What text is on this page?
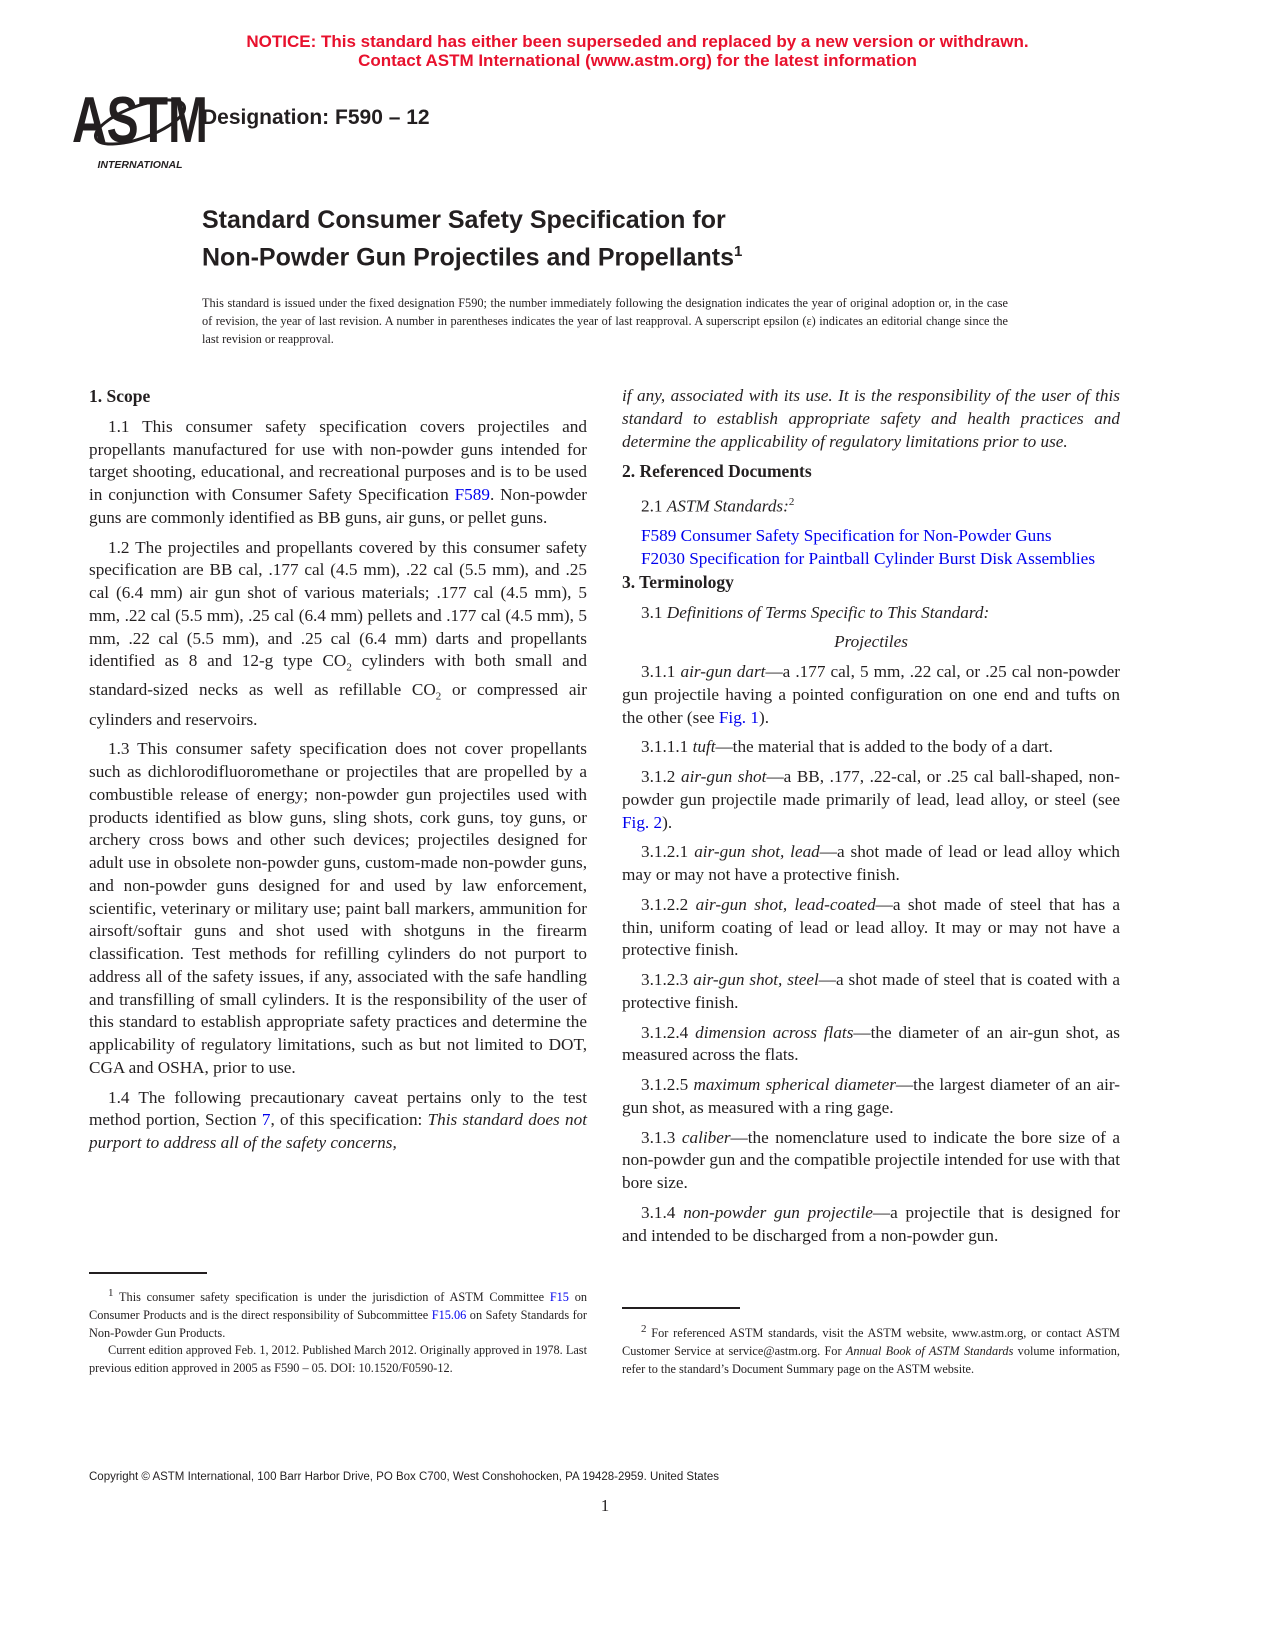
NOTICE: This standard has either been superseded and replaced by a new version or withdrawn.
Contact ASTM International (www.astm.org) for the latest information
ASTM
INTERNATIONAL
Designation: F590 – 12
Standard Consumer Safety Specification for
Non-Powder Gun Projectiles and Propellants$^1$
This standard is issued under the fixed designation F590; the number immediately following the designation indicates the year of original adoption or, in the case of revision, the year of last revision. A number in parentheses indicates the year of last reapproval. A superscript epsilon (ε) indicates an editorial change since the last revision or reapproval.
1. Scope

1.1 This consumer safety specification covers projectiles and propellants manufactured for use with non-powder guns intended for target shooting, educational, and recreational purposes and is to be used in conjunction with Consumer Safety Specification F589. Non-powder guns are commonly identified as BB guns, air guns, or pellet guns.

1.2 The projectiles and propellants covered by this consumer safety specification are BB cal, .177 cal (4.5 mm), .22 cal (5.5 mm), and .25 cal (6.4 mm) air gun shot of various materials; .177 cal (4.5 mm), 5 mm, .22 cal (5.5 mm), .25 cal (6.4 mm) pellets and .177 cal (4.5 mm), 5 mm, .22 cal (5.5 mm), and .25 cal (6.4 mm) darts and propellants identified as 8 and 12-g type $CO_2$ cylinders with both small and standard-sized necks as well as refillable $CO_2$ or compressed air cylinders and reservoirs.

1.3 This consumer safety specification does not cover propellants such as dichlorodifluoromethane or projectiles that are propelled by a combustible release of energy; non-powder gun projectiles used with products identified as blow guns, sling shots, cork guns, toy guns, or archery cross bows and other such devices; projectiles designed for adult use in obsolete non-powder guns, custom-made non-powder guns, and non-powder guns designed for and used by law enforcement, scientific, veterinary or military use; paint ball markers, ammunition for airsoft/softair guns and shot used with shotguns in the firearm classification. Test methods for refilling cylinders do not purport to address all of the safety issues, if any, associated with the safe handling and transfilling of small cylinders. It is the responsibility of the user of this standard to establish appropriate safety practices and determine the applicability of regulatory limitations, such as but not limited to DOT, CGA and OSHA, prior to use.

1.4 The following precautionary caveat pertains only to the test method portion, Section 7, of this specification: This standard does not purport to address all of the safety concerns,

if any, associated with its use. It is the responsibility of the user of this standard to establish appropriate safety and health practices and determine the applicability of regulatory limitations prior to use.

2. Referenced Documents

2.1 ASTM Standards:$^2$

F589 Consumer Safety Specification for Non-Powder Guns

F2030 Specification for Paintball Cylinder Burst Disk Assemblies

3. Terminology

3.1 Definitions of Terms Specific to This Standard:

Projectiles

3.1.1 air-gun dart—a .177 cal, 5 mm, .22 cal, or .25 cal non-powder gun projectile having a pointed configuration on one end and tufts on the other (see Fig. 1).

3.1.1.1 tuft—the material that is added to the body of a dart.

3.1.2 air-gun shot—a BB, .177, .22-cal, or .25 cal ball-shaped, non-powder gun projectile made primarily of lead, lead alloy, or steel (see Fig. 2).

3.1.2.1 air-gun shot, lead—a shot made of lead or lead alloy which may or may not have a protective finish.

3.1.2.2 air-gun shot, lead-coated—a shot made of steel that has a thin, uniform coating of lead or lead alloy. It may or may not have a protective finish.

3.1.2.3 air-gun shot, steel—a shot made of steel that is coated with a protective finish.

3.1.2.4 dimension across flats—the diameter of an air-gun shot, as measured across the flats.

3.1.2.5 maximum spherical diameter—the largest diameter of an air-gun shot, as measured with a ring gage.

3.1.3 caliber—the nomenclature used to indicate the bore size of a non-powder gun and the compatible projectile intended for use with that bore size.

3.1.4 non-powder gun projectile—a projectile that is designed for and intended to be discharged from a non-powder gun.

$^1$ This consumer safety specification is under the jurisdiction of ASTM Committee F15 on Consumer Products and is the direct responsibility of Subcommittee F15.06 on Safety Standards for Non-Powder Gun Products.

Current edition approved Feb. 1, 2012. Published March 2012. Originally approved in 1978. Last previous edition approved in 2005 as F590 – 05. DOI: 10.1520/F0590-12.

$^2$ For referenced ASTM standards, visit the ASTM website, www.astm.org, or contact ASTM Customer Service at service@astm.org. For Annual Book of ASTM Standards volume information, refer to the standard’s Document Summary page on the ASTM website.

Copyright © ASTM International, 100 Barr Harbor Drive, PO Box C700, West Conshohocken, PA 19428-2959. United States
1
